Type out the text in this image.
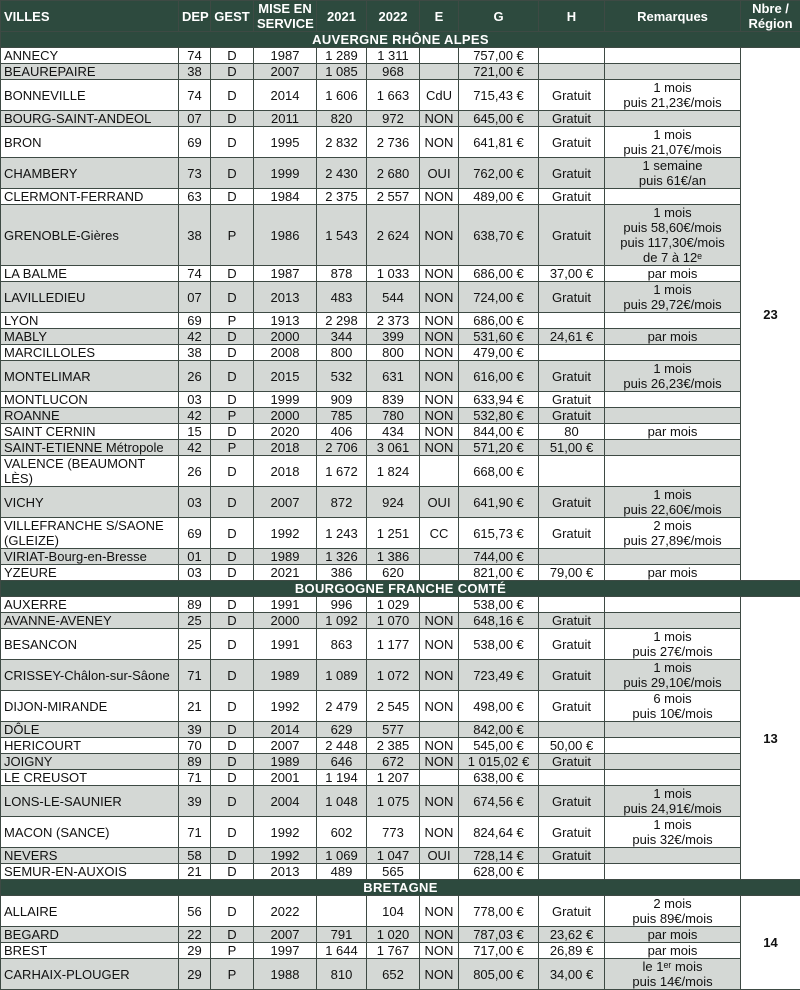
VILLES	DEP	GEST	MISE EN SERVICE	2021	2022	E	G	H	Remarques	Nbre / Région
AUVERGNE RHÔNE ALPES										
ANNECY	74	D	1987	1 289	1 311		757,00 €			23
BEAUREPAIRE	38	D	2007	1 085	968		721,00 €			
BONNEVILLE	74	D	2014	1 606	1 663	CdU	715,43 €	Gratuit	1 mois
puis 21,23€/mois	
BOURG-SAINT-ANDEOL	07	D	2011	820	972	NON	645,00 €	Gratuit		
BRON	69	D	1995	2 832	2 736	NON	641,81 €	Gratuit	1 mois
puis 21,07€/mois	
CHAMBERY	73	D	1999	2 430	2 680	OUI	762,00 €	Gratuit	1 semaine
puis 61€/an	
CLERMONT-FERRAND	63	D	1984	2 375	2 557	NON	489,00 €	Gratuit		
GRENOBLE-Gières	38	P	1986	1 543	2 624	NON	638,70 €	Gratuit	1 mois
puis 58,60€/mois
puis 117,30€/mois
de 7 à 12ᵉ	
LA BALME	74	D	1987	878	1 033	NON	686,00 €	37,00 €	par mois	
LAVILLEDIEU	07	D	2013	483	544	NON	724,00 €	Gratuit	1 mois
puis 29,72€/mois	
LYON	69	P	1913	2 298	2 373	NON	686,00 €			
MABLY	42	D	2000	344	399	NON	531,60 €	24,61 €	par mois	
MARCILLOLES	38	D	2008	800	800	NON	479,00 €			
MONTELIMAR	26	D	2015	532	631	NON	616,00 €	Gratuit	1 mois
puis 26,23€/mois	
MONTLUCON	03	D	1999	909	839	NON	633,94 €	Gratuit		
ROANNE	42	P	2000	785	780	NON	532,80 €	Gratuit		
SAINT CERNIN	15	D	2020	406	434	NON	844,00 €	80	par mois	
SAINT-ETIENNE Métropole	42	P	2018	2 706	3 061	NON	571,20 €	51,00 €		
VALENCE (BEAUMONT LÈS)	26	D	2018	1 672	1 824		668,00 €			
VICHY	03	D	2007	872	924	OUI	641,90 €	Gratuit	1 mois
puis 22,60€/mois	
VILLEFRANCHE S/SAONE
(GLEIZE)	69	D	1992	1 243	1 251	CC	615,73 €	Gratuit	2 mois
puis 27,89€/mois	
VIRIAT-Bourg-en-Bresse	01	D	1989	1 326	1 386		744,00 €			
YZEURE	03	D	2021	386	620		821,00 €	79,00 €	par mois	
BOURGOGNE FRANCHE COMTÉ										
AUXERRE	89	D	1991	996	1 029		538,00 €			13
AVANNE-AVENEY	25	D	2000	1 092	1 070	NON	648,16 €	Gratuit		
BESANCON	25	D	1991	863	1 177	NON	538,00 €	Gratuit	1 mois
puis 27€/mois	
CRISSEY-Châlon-sur-Sâone	71	D	1989	1 089	1 072	NON	723,49 €	Gratuit	1 mois
puis 29,10€/mois	
DIJON-MIRANDE	21	D	1992	2 479	2 545	NON	498,00 €	Gratuit	6 mois
puis 10€/mois	
DÔLE	39	D	2014	629	577		842,00 €			
HERICOURT	70	D	2007	2 448	2 385	NON	545,00 €	50,00 €		
JOIGNY	89	D	1989	646	672	NON	1 015,02 €	Gratuit		
LE CREUSOT	71	D	2001	1 194	1 207		638,00 €			
LONS-LE-SAUNIER	39	D	2004	1 048	1 075	NON	674,56 €	Gratuit	1 mois
puis 24,91€/mois	
MACON (SANCE)	71	D	1992	602	773	NON	824,64 €	Gratuit	1 mois
puis 32€/mois	
NEVERS	58	D	1992	1 069	1 047	OUI	728,14 €	Gratuit		
SEMUR-EN-AUXOIS	21	D	2013	489	565		628,00 €			
BRETAGNE										
ALLAIRE	56	D	2022		104	NON	778,00 €	Gratuit	2 mois
puis 89€/mois	14
BEGARD	22	D	2007	791	1 020	NON	787,03 €	23,62 €	par mois	
BREST	29	P	1997	1 644	1 767	NON	717,00 €	26,89 €	par mois	
CARHAIX-PLOUGER	29	P	1988	810	652	NON	805,00 €	34,00 €	le 1ᵉʳ mois
puis 14€/mois	
